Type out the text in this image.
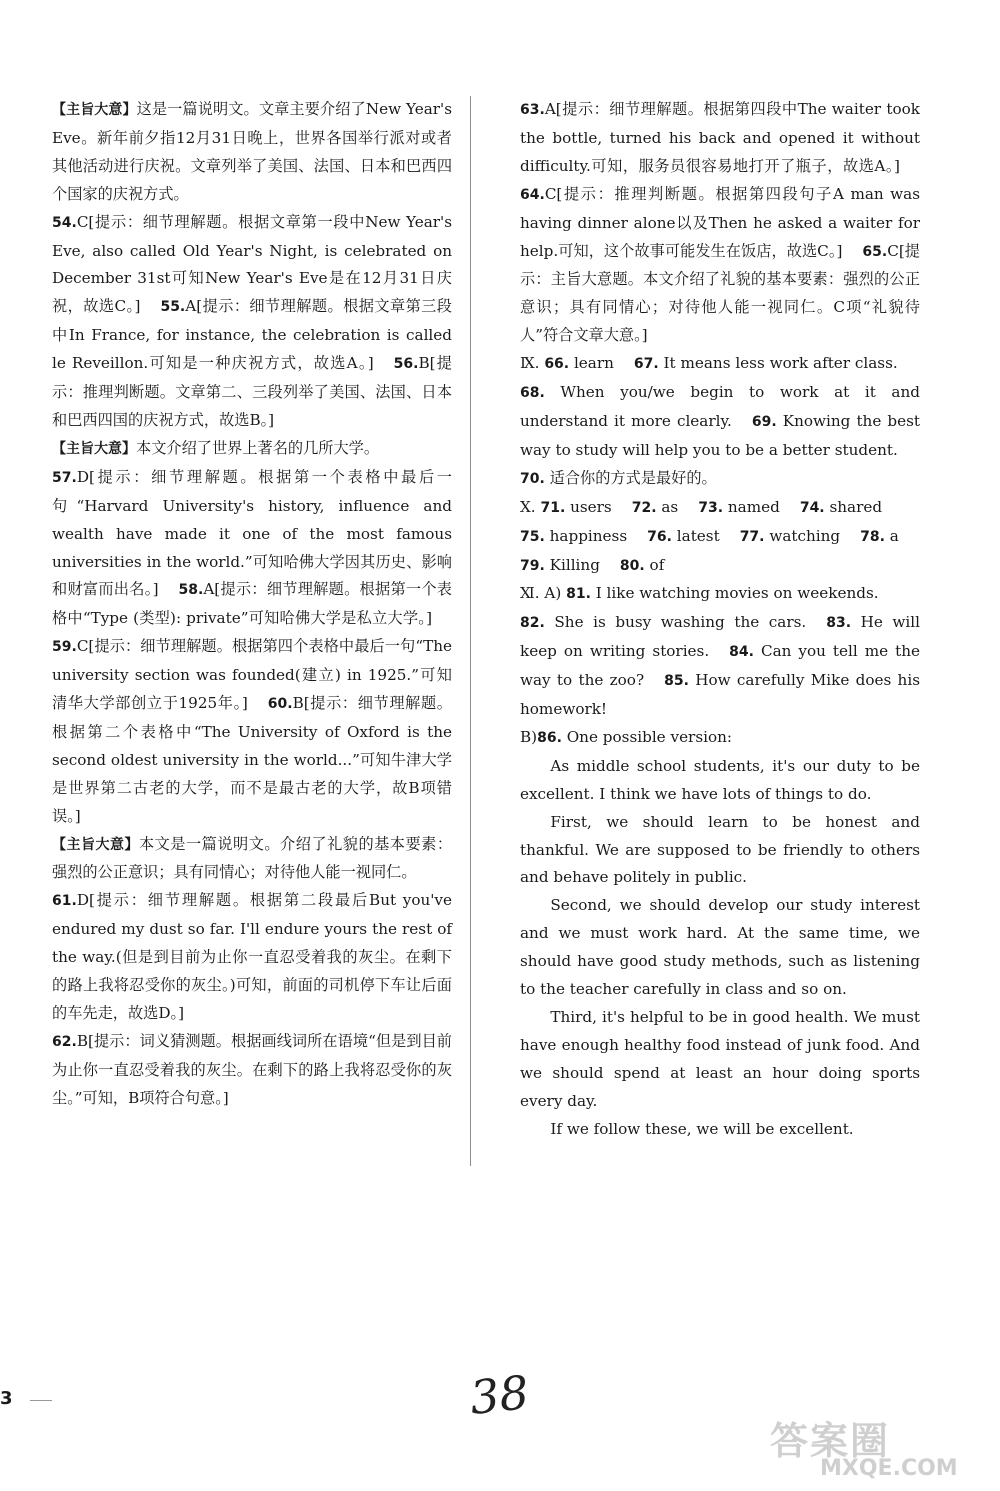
【主旨大意】这是一篇说明文。文章主要介绍了New Year's Eve。新年前夕指12月31日晚上，世界各国举行派对或者其他活动进行庆祝。文章列举了美国、法国、日本和巴西四个国家的庆祝方式。

54.C[提示：细节理解题。根据文章第一段中New Year's Eve, also called Old Year's Night, is celebrated on December 31st可知New Year's Eve是在12月31日庆祝，故选C。] 55.A[提示：细节理解题。根据文章第三段中In France, for instance, the celebration is called le Reveillon.可知是一种庆祝方式，故选A。] 56.B[提示：推理判断题。文章第二、三段列举了美国、法国、日本和巴西四国的庆祝方式，故选B。]

【主旨大意】本文介绍了世界上著名的几所大学。

57.D[提示：细节理解题。根据第一个表格中最后一句“Harvard University's history, influence and wealth have made it one of the most famous universities in the world.”可知哈佛大学因其历史、影响和财富而出名。] 58.A[提示：细节理解题。根据第一个表格中“Type (类型): private”可知哈佛大学是私立大学。]59.C[提示：细节理解题。根据第四个表格中最后一句“The university section was founded(建立) in 1925.”可知清华大学部创立于1925年。] 60.B[提示：细节理解题。根据第二个表格中“The University of Oxford is the second oldest university in the world...”可知牛津大学是世界第二古老的大学，而不是最古老的大学，故B项错误。]

【主旨大意】本文是一篇说明文。介绍了礼貌的基本要素：强烈的公正意识；具有同情心；对待他人能一视同仁。

61.D[提示：细节理解题。根据第二段最后But you've endured my dust so far. I'll endure yours the rest of the way.(但是到目前为止你一直忍受着我的灰尘。在剩下的路上我将忍受你的灰尘。)可知，前面的司机停下车让后面的车先走，故选D。]

62.B[提示：词义猜测题。根据画线词所在语境“但是到目前为止你一直忍受着我的灰尘。在剩下的路上我将忍受你的灰尘。”可知，B项符合句意。]

63.A[提示：细节理解题。根据第四段中The waiter took the bottle, turned his back and opened it without difficulty.可知，服务员很容易地打开了瓶子，故选A。]64.C[提示：推理判断题。根据第四段句子A man was having dinner alone以及Then he asked a waiter for help.可知，这个故事可能发生在饭店，故选C。] 65.C[提示：主旨大意题。本文介绍了礼貌的基本要素：强烈的公正意识；具有同情心；对待他人能一视同仁。C项“礼貌待人”符合文章大意。]

Ⅸ. 66. learn 67. It means less work after class.

68. When you/we begin to work at it and understand it more clearly. 69. Knowing the best way to study will help you to be a better student.

70. 适合你的方式是最好的。

Ⅹ. 71. users 72. as 73. named 74. shared

75. happiness 76. latest 77. watching 78. a

79. Killing 80. of

Ⅺ. A) 81. I like watching movies on weekends.

82. She is busy washing the cars. 83. He will keep on writing stories. 84. Can you tell me the way to the zoo? 85. How carefully Mike does his homework!

B)86. One possible version:

As middle school students, it's our duty to be excellent. I think we have lots of things to do.

First, we should learn to be honest and thankful. We are supposed to be friendly to others and behave politely in public.

Second, we should develop our study interest and we must work hard. At the same time, we should have good study methods, such as listening to the teacher carefully in class and so on.

Third, it's helpful to be in good health. We must have enough healthy food instead of junk food. And we should spend at least an hour doing sports every day.

If we follow these, we will be excellent.

3	38
答案圈
MXQE.COM
